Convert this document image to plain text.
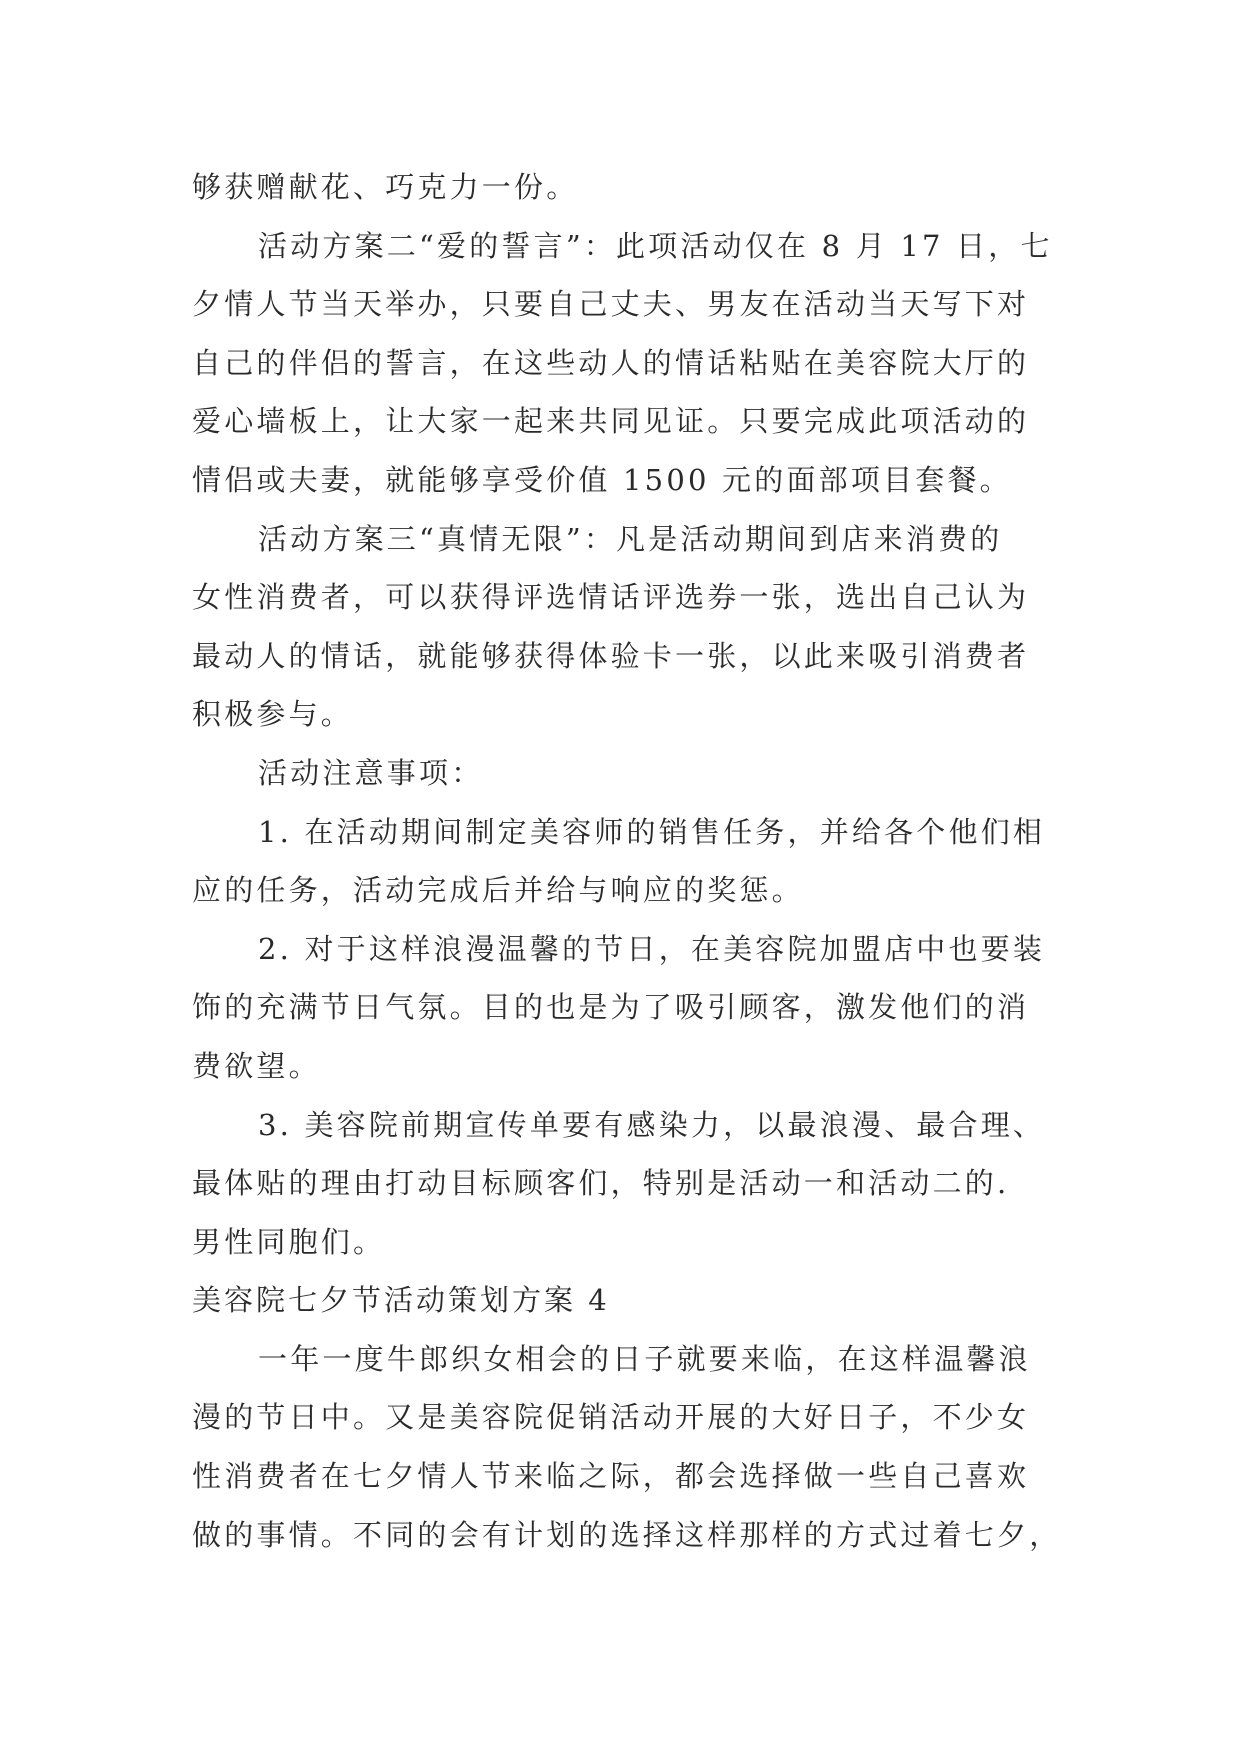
够获赠献花、巧克力一份。

活动方案二“爱的誓言”：此项活动仅在 8 月 17 日，七

夕情人节当天举办，只要自己丈夫、男友在活动当天写下对

自己的伴侣的誓言，在这些动人的情话粘贴在美容院大厅的

爱心墙板上，让大家一起来共同见证。只要完成此项活动的

情侣或夫妻，就能够享受价值 1500 元的面部项目套餐。

活动方案三“真情无限”：凡是活动期间到店来消费的

女性消费者，可以获得评选情话评选券一张，选出自己认为

最动人的情话，就能够获得体验卡一张，以此来吸引消费者

积极参与。

活动注意事项：

1. 在活动期间制定美容师的销售任务，并给各个他们相

应的任务，活动完成后并给与响应的奖惩。

2. 对于这样浪漫温馨的节日，在美容院加盟店中也要装

饰的充满节日气氛。目的也是为了吸引顾客，激发他们的消

费欲望。

3. 美容院前期宣传单要有感染力，以最浪漫、最合理、

最体贴的理由打动目标顾客们，特别是活动一和活动二的.

男性同胞们。

美容院七夕节活动策划方案 4

一年一度牛郎织女相会的日子就要来临，在这样温馨浪

漫的节日中。又是美容院促销活动开展的大好日子，不少女

性消费者在七夕情人节来临之际，都会选择做一些自己喜欢

做的事情。不同的会有计划的选择这样那样的方式过着七夕，
